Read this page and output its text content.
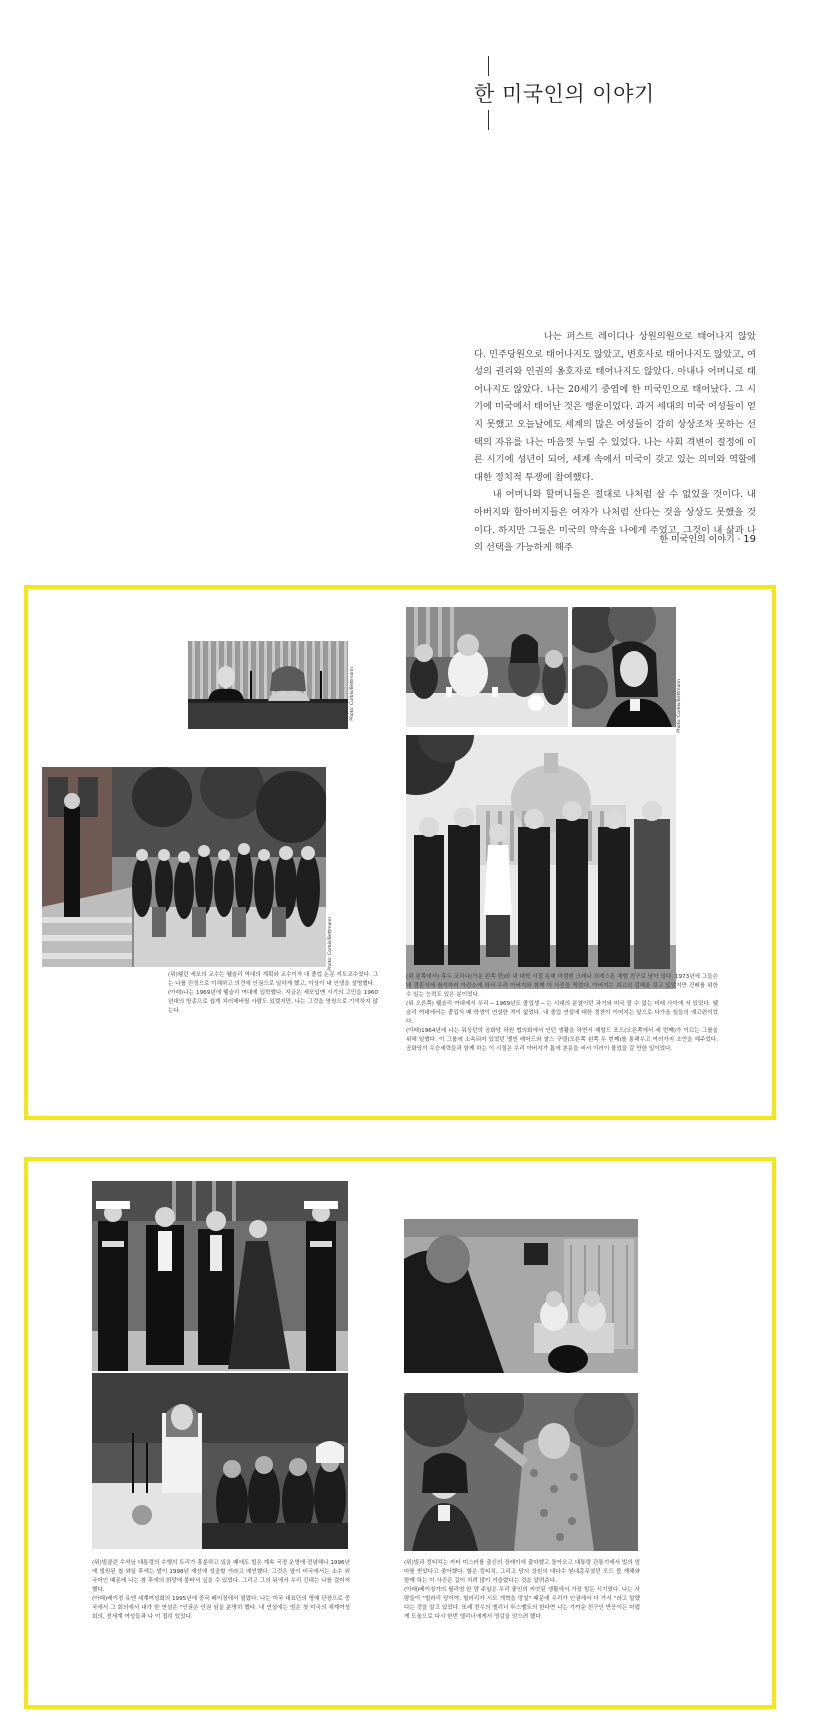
한 미국인의 이야기

나는 퍼스트 레이디나 상원의원으로 태어나지 않았다. 민주당원으로 태어나지도 않았고, 변호사로 태어나지도 않았고, 여성의 권리와 인권의 옹호자로 태어나지도 않았다. 아내나 어머니로 태어나지도 않았다. 나는 20세기 중엽에 한 미국인으로 태어났다. 그 시기에 미국에서 태어난 것은 행운이었다. 과거 세대의 미국 여성들이 얻지 못했고 오늘날에도 세계의 많은 여성들이 감히 상상조차 못하는 선택의 자유를 나는 마음껏 누릴 수 있었다. 나는 사회 격변이 절정에 이른 시기에 성년이 되어, 세계 속에서 미국이 갖고 있는 의미와 역할에 대한 정치적 투쟁에 참여했다.

내 어머니와 할머니들은 절대로 나처럼 살 수 없었을 것이다. 내 아버지와 할아버지들은 여자가 나처럼 산다는 것을 상상도 못했을 것이다. 하지만 그들은 미국의 약속을 나에게 주었고, 그것이 내 삶과 나의 선택을 가능하게 해주

한 미국인의 이야기 · 19
Photo: Corbis/Bettmann
Photo: Corbis/Bettmann

(위)웰린 세포의 교수는 웰슬리 역대의 계획와 교수이자 내 졸업 논문 지도교수였다. 그는 나를 진정으로 이해하고 의견에 인권으로 일하게 했고, 이상이 내 인생을 설명했다.

(아래)나는 1969년에 웰슬리 여대에 입학했다. 지금은 세포입맨 시기의 고민을 1960년대의 방종으로 쉽게 치러해버릴 사람도 있겠지만, 나는 그것을 영원으로 기억하지 않는다.

Photo: Corbis/Bettmann

(위 왼쪽에서) 휴두 코리나(가운 왼쪽 편)와 내 대학 시절 동해 미캠텐 크레나 브레스톤 채렐 친구로 남아 있다. 1973년에 그들은 내 결혼식에 참석하러 아칸소에 와서 우리 아버지와 함께 이 사진을 찍었다. 아버지는 최고의 걸혜울 갖고 있었지만 건배를 위한 수 있는 능력도 있은 분이었다.

(위 오른쪽) 웰슬리 여대에서 우리 ─ 1969년도 졸업생 ─ 는 시대의 분열이던 과거와 미국 잘 수 없는 미래 사이에 서 있었다. 웰슬리 여대에서는 졸업식 때 학생이 연설한 적이 없었다. 내 졸업 연설에 대한 칭찬이 이어지는 앞으로 다가올 일들의 예고편이었다.

(아래)1964년에 나는 워싱턴의 공화당 하원 협의회에서 인턴 생활을 하면서 제럴드 포드(오른쪽에서 세 번째)가 이끄는 그룹을 위해 일했다. 이 그룹에 소속되어 있었던 멜빈 레어드와 찰스 구델(오른쪽 왼쪽 두 번째)를 통해우고 여러가지 조언을 해주었다. 공화당이 우승세력들과 함께 하는 이 시절은 우리 아버지가 톰에 본문을 써서 이러이 볼었을 갈 만한 일이었다.

(위)빌클린 수석님 대통령의 수행의 트리가 흥분하고 있을 때에도 빌은 계속 국정 운영에 전념해나 1996년에 빌원된 첩 외일 후에는 발이 1998년 재선에 성공할 거라고 예언했다. 그것은 말이 미국에서는 소수 외국어인 때문에 나는 참 후에의 희망에 불타서 싶을 수 있었다. 그리고 그의 뒤에서 우리 긴대는 나를 걸어저 했다.

(아래)베이징 유엔 세계여성회의 1995년에 중국 베이징에서 열렸다. 나는 미국 대표단의 명예 단장으로 중국에서 그 회의에서 내가 한 연설은 "인권은 인권 임을 분명히 했다. 내 연설에는 엄은 첫 미국의 세계여성회의, 전세계 여성들과 나 이 접히 있었다.

(위)빌과 킹티치는 카터 미스러를 출신의 장래이에 출마했고 돌아오고 대통령 관통기에서 빌의 엄마를 받았다고 좋아했다. 할은 킹티치, 그리고 당시 상원의 대다수 원내총무였던 모드 몹 재해와 함께 하는 이 사진은 길이 지려 많이 거슬렸다는 것을 알려준다.

(아래)베이징가의 윌리엄 한 맘 주일은 우리 좋인의 씨앗된 생활에서 가장 힘든 시기였다. 나는 사람들이 "힐러리 당이야, 힐러리가 시모 개혁을 망칠" 때문에 우리가 인권에서 더 가서 "라고 말했다는 것을 알고 있었다. 또래 전우의 엘리너 루스벨트의 한다면 나는 가까운 친구인 반응이든 어렵게 도움으로 다시 한번 엘리너에게서 영감을 얻으려 했다.
